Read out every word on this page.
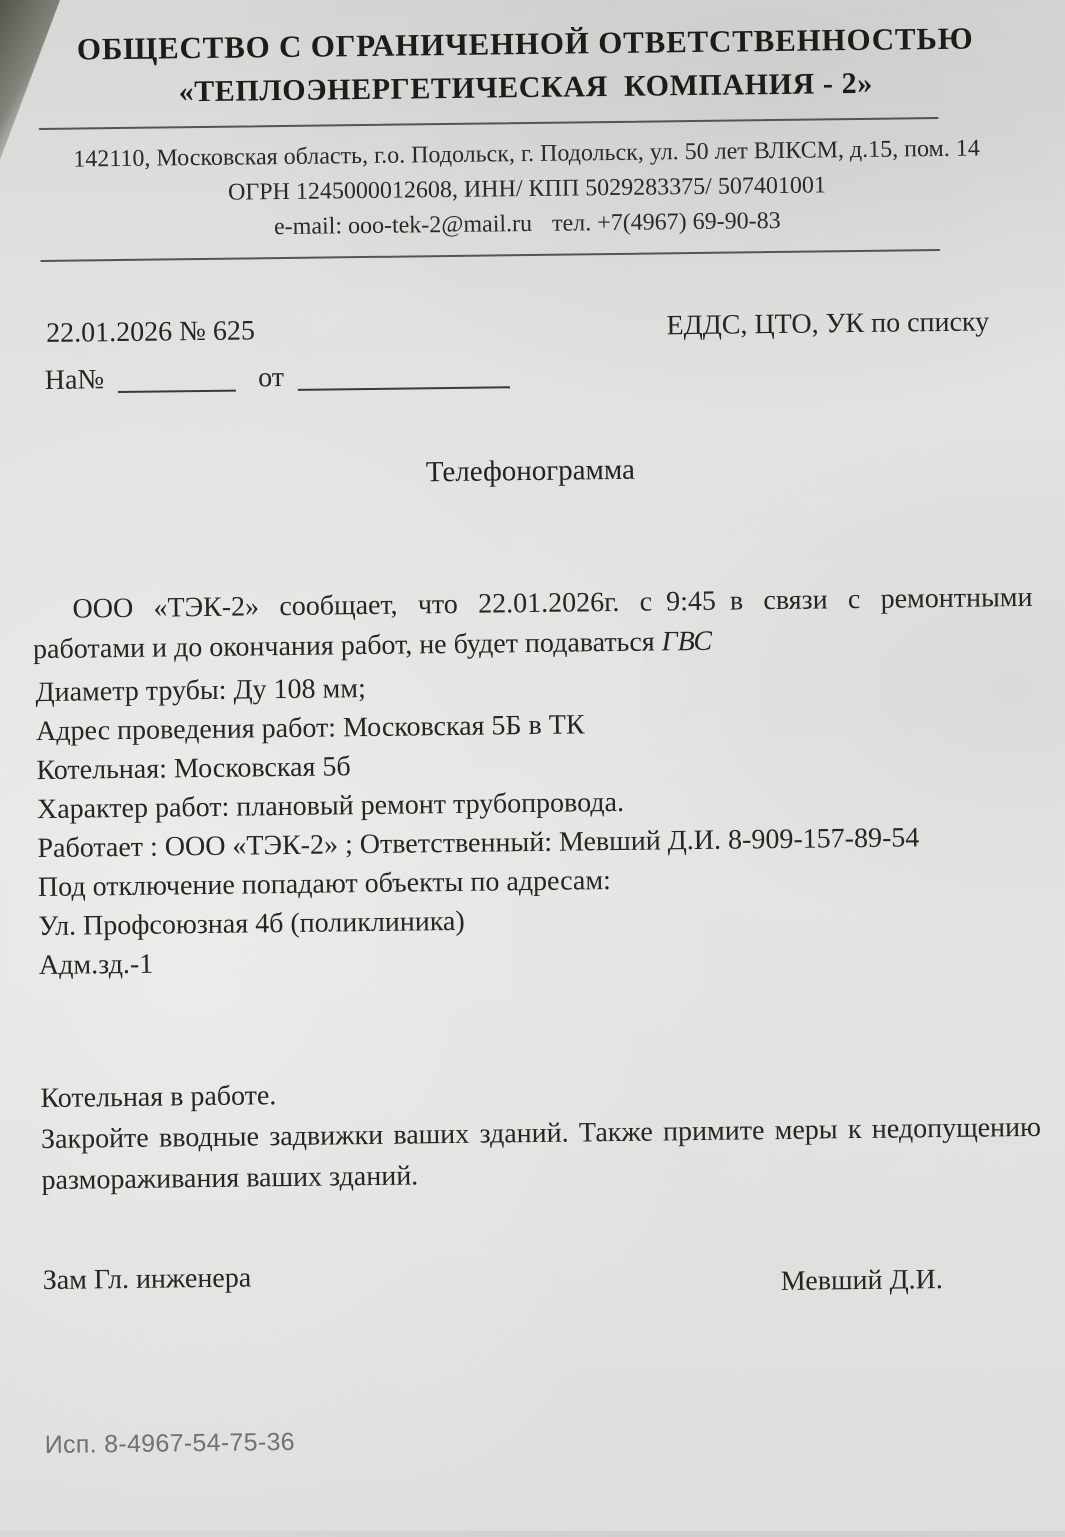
ОБЩЕСТВО С ОГРАНИЧЕННОЙ ОТВЕТСТВЕННОСТЬЮ
«ТЕПЛОЭНЕРГЕТИЧЕСКАЯ  КОМПАНИЯ - 2»
142110, Московская область, г.о. Подольск, г. Подольск, ул. 50 лет ВЛКСМ, д.15, пом. 14
ОГРН 1245000012608, ИНН/ КПП 5029283375/ 507401001
e-mail: ooo-tek-2@mail.ru тел. +7(4967) 69-90-83
22.01.2026 № 625	ЕДДС, ЦТО, УК по списку
На№	от
Телефонограмма

ООО «ТЭК-2» сообщает, что 22.01.2026г. с 9:45 в связи с ремонтными работами и до окончания работ, не будет подаваться ГВС

Диаметр трубы: Ду 108 мм;
Адрес проведения работ: Московская 5Б в ТК
Котельная: Московская 5б
Характер работ: плановый ремонт трубопровода.
Работает : ООО «ТЭК-2» ; Ответственный: Мевший Д.И. 8-909-157-89-54
Под отключение попадают объекты по адресам:
Ул. Профсоюзная 4б (поликлиника)
Адм.зд.-1
Котельная в работе.

Закройте вводные задвижки ваших зданий. Также примите меры к недопущению размораживания ваших зданий.

Зам Гл. инженера	Мевший Д.И.
Исп. 8-4967-54-75-36
